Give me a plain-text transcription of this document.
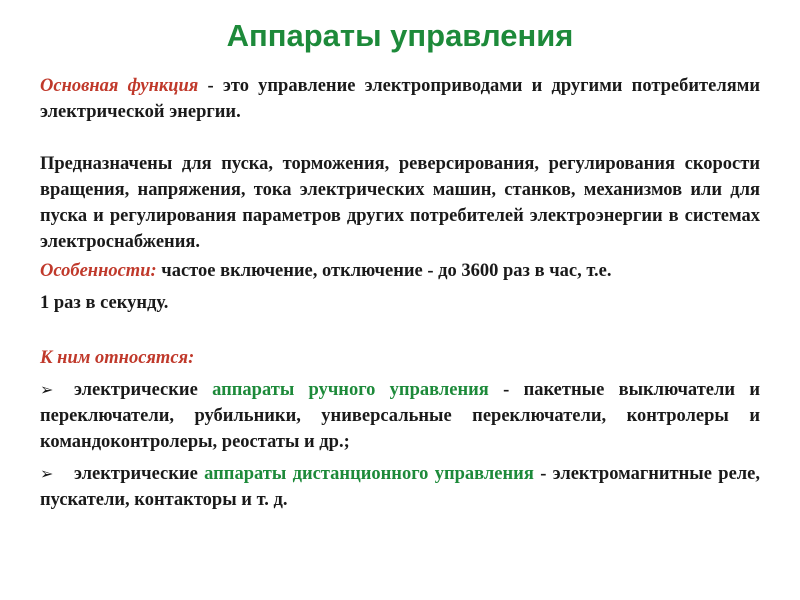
Аппараты управления

Основная функция - это управление электроприводами и другими потребителями электрической энергии.

Предназначены для пуска, торможения, реверсирования, регулирования скорости вращения, напряжения, тока электрических машин, станков, механизмов или для пуска и регулирования параметров других потребителей электроэнергии в системах электроснабжения.

Особенности: частое включение, отключение - до 3600 раз в час, т.е.

1 раз в секунду.

К ним относятся:

➢ электрические аппараты ручного управления - пакетные выключатели и переключатели, рубильники, универсальные переключатели, контролеры и командоконтролеры, реостаты и др.;

➢ электрические аппараты дистанционного управления - электромагнитные реле, пускатели, контакторы и т. д.
